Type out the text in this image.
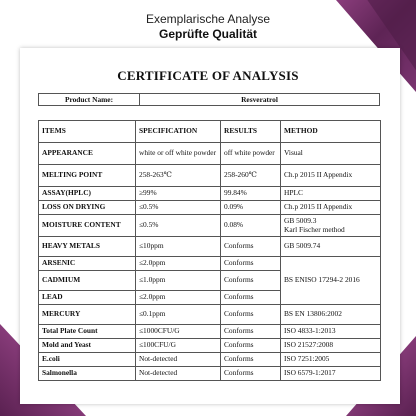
Exemplarische Analyse
Geprüfte Qualität
CERTIFICATE OF ANALYSIS
Product Name:	Resveratrol
ITEMS	SPECIFICATION	RESULTS	METHOD
APPEARANCE	white or off white powder	off white powder	Visual
MELTING POINT	258-263℃	258-260℃	Ch.p 2015 II Appendix
ASSAY(HPLC)	≥99%	99.84%	HPLC
LOSS ON DRYING	≤0.5%	0.09%	Ch.p 2015 II Appendix
MOISTURE CONTENT	≤0.5%	0.08%	GB 5009.3
Karl Fischer method

HEAVY METALS	≤10ppm	Conforms	GB 5009.74
ARSENIC	≤2.0ppm	Conforms	BS ENISO 17294-2 2016
CADMIUM	≤1.0ppm	Conforms	
LEAD	≤2.0ppm	Conforms	
MERCURY	≤0.1ppm	Conforms	BS EN 13806:2002
Total Plate Count	≤1000CFU/G	Conforms	ISO 4833-1:2013
Mold and Yeast	≤100CFU/G	Conforms	ISO 21527:2008
E.coli	Not-detected	Conforms	ISO 7251:2005
Salmonella	Not-detected	Conforms	ISO 6579-1:2017
